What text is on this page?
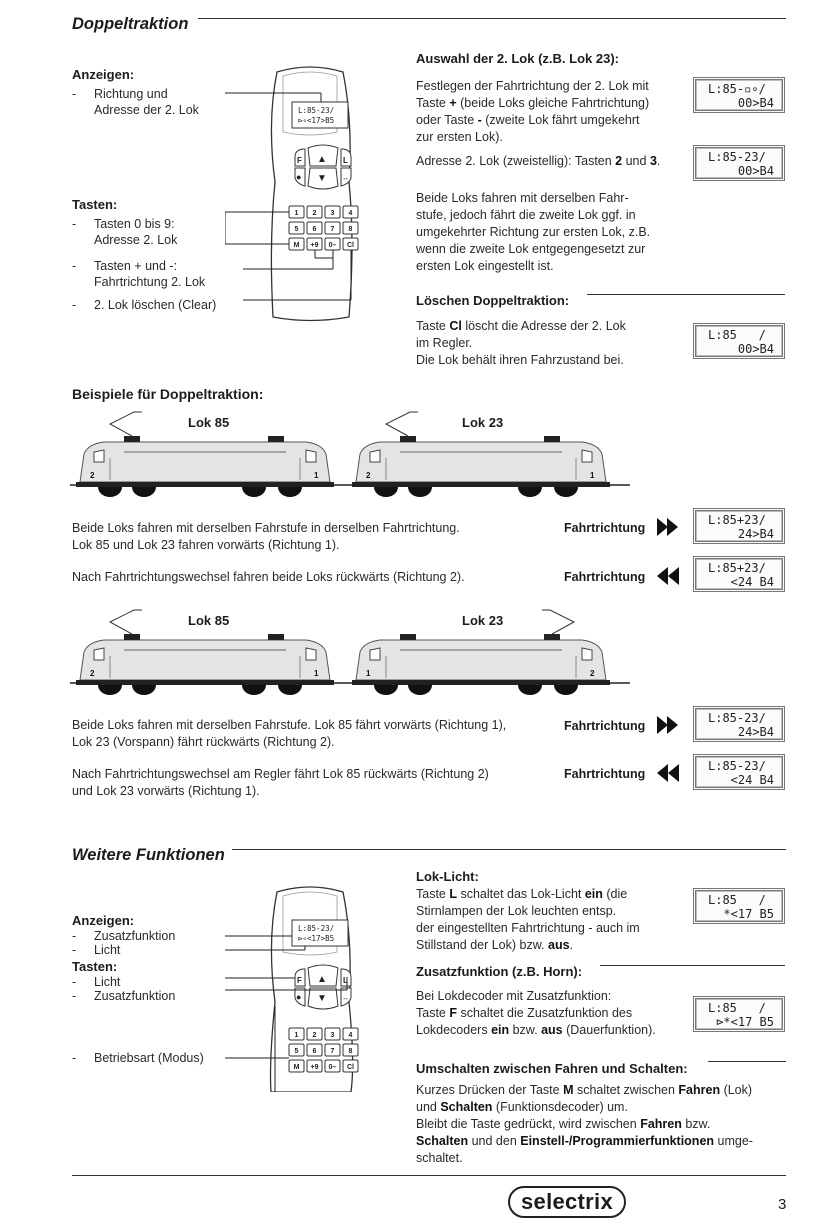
Doppeltraktion
Anzeigen:
- Richtung und
Adresse der 2. Lok
Tasten:
- Tasten 0 bis 9:
Adresse 2. Lok
- Tasten + und -:
Fahrtrichtung 2. Lok
- 2. Lok löschen (Clear)
L:85-23/
⊳∘<17>B5
F
●
▲
▼
L
↔
1 2 3 4
5 6 7 8
M +9 0– Cl
Auswahl der 2. Lok (z.B. Lok 23):
Festlegen der Fahrtrichtung der 2. Lok mit
Taste + (beide Loks gleiche Fahrtrichtung)
oder Taste - (zweite Lok fährt umgekehrt
zur ersten Lok).
L:85-▫∘/
00>B4
Adresse 2. Lok (zweistellig): Tasten 2 und 3.	L:85-23/
00>B4
Beide Loks fahren mit derselben Fahr-
stufe, jedoch fährt die zweite Lok ggf. in
umgekehrter Richtung zur ersten Lok, z.B.
wenn die zweite Lok entgegengesetzt zur
ersten Lok eingestellt ist.
Löschen Doppeltraktion:
Taste Cl löscht die Adresse der 2. Lok
im Regler.
Die Lok behält ihren Fahrzustand bei.
L:85   /
00>B4
Beispiele für Doppeltraktion:
Lok 85	Lok 23
2	1	2	1
Beide Loks fahren mit derselben Fahrstufe in derselben Fahrtrichtung.
Lok 85 und Lok 23 fahren vorwärts (Richtung 1).
Fahrtrichtung
L:85+23/
24>B4
Nach Fahrtrichtungswechsel fahren beide Loks rückwärts (Richtung 2).	Fahrtrichtung
L:85+23/
<24 B4
Lok 85	Lok 23
2	1	1	2
Beide Loks fahren mit derselben Fahrstufe. Lok 85 fährt vorwärts (Richtung 1),
Lok 23 (Vorspann) fährt rückwärts (Richtung 2).
Fahrtrichtung
L:85-23/
24>B4
Nach Fahrtrichtungswechsel am Regler fährt Lok 85 rückwärts (Richtung 2)
und Lok 23 vorwärts (Richtung 1).
Fahrtrichtung
L:85-23/
<24 B4
Weitere Funktionen
Anzeigen:
- Zusatzfunktion
- Licht
Tasten:
- Licht
- Zusatzfunktion
- Betriebsart (Modus)
L:85-23/
⊳∘<17>B5
F
●
▲
▼
L
↔
1 2 3 4
5 6 7 8
M +9 0– Cl
Lok-Licht:
Taste L schaltet das Lok-Licht ein (die
Stirnlampen der Lok leuchten entsp.
der eingestellten Fahrtrichtung - auch im
Stillstand der Lok) bzw. aus.
L:85   /
*<17 B5
Zusatzfunktion (z.B. Horn):
Bei Lokdecoder mit Zusatzfunktion:
Taste F schaltet die Zusatzfunktion des
Lokdecoders ein bzw. aus (Dauerfunktion).
L:85   /
⊳*<17 B5
Umschalten zwischen Fahren und Schalten:
Kurzes Drücken der Taste M schaltet zwischen Fahren (Lok)
und Schalten (Funktionsdecoder) um.
Bleibt die Taste gedrückt, wird zwischen Fahren bzw.
Schalten und den Einstell-/Programmierfunktionen umge-
schaltet.
selectrix	3
